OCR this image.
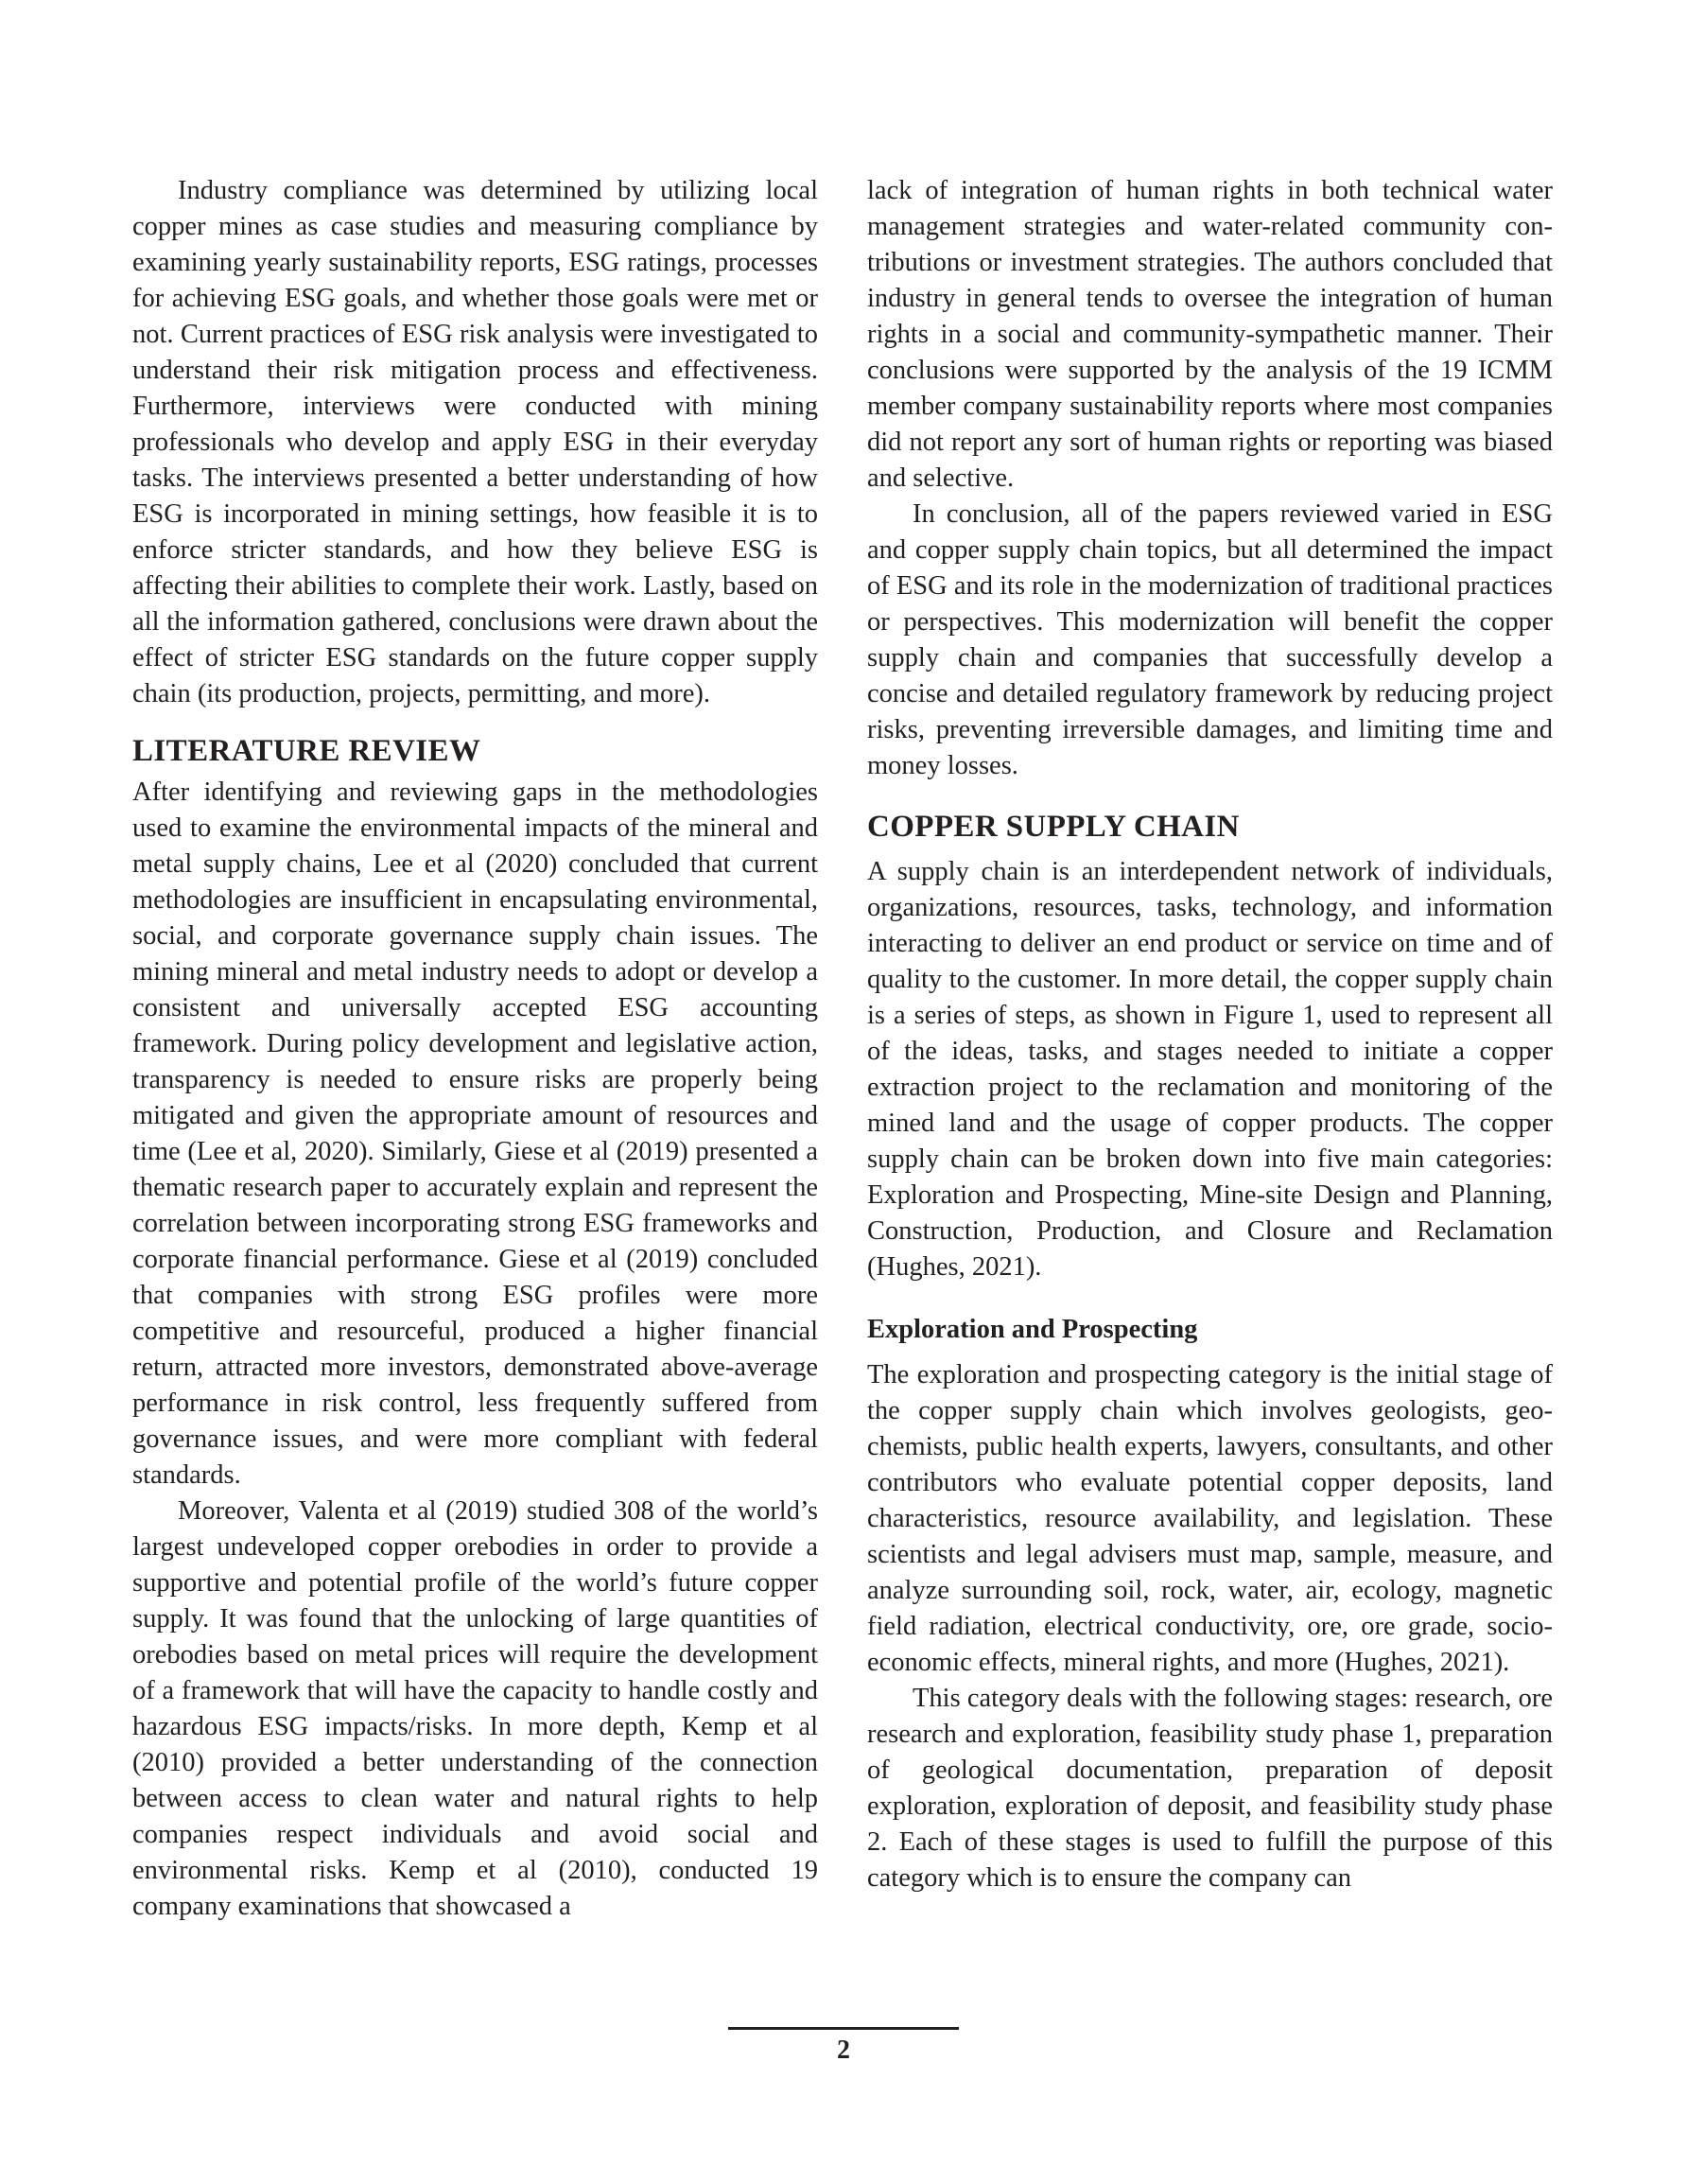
Industry compliance was determined by utilizing local copper mines as case studies and measuring compliance by examining yearly sustainability reports, ESG ratings, processes for achieving ESG goals, and whether those goals were met or not. Current practices of ESG risk analysis were investigated to understand their risk mitigation process and effectiveness. Furthermore, interviews were conducted with mining professionals who develop and apply ESG in their everyday tasks. The interviews presented a better understanding of how ESG is incorporated in mining settings, how feasible it is to enforce stricter standards, and how they believe ESG is affecting their abilities to complete their work. Lastly, based on all the information gathered, conclusions were drawn about the effect of stricter ESG standards on the future copper supply chain (its production, projects, permitting, and more).

LITERATURE REVIEW

After identifying and reviewing gaps in the methodologies used to examine the environmental impacts of the mineral and metal supply chains, Lee et al (2020) concluded that current methodologies are insufficient in encapsulating environmental, social, and corporate governance supply chain issues. The mining mineral and metal industry needs to adopt or develop a consistent and universally accepted ESG accounting framework. During policy development and legislative action, transparency is needed to ensure risks are properly being mitigated and given the appropriate amount of resources and time (Lee et al, 2020). Similarly, Giese et al (2019) presented a thematic research paper to accurately explain and represent the correlation between incorporating strong ESG frameworks and corporate financial performance. Giese et al (2019) concluded that companies with strong ESG profiles were more competitive and resourceful, produced a higher financial return, attracted more investors, demonstrated above-average performance in risk control, less frequently suffered from governance issues, and were more compliant with federal standards.

Moreover, Valenta et al (2019) studied 308 of the world’s largest undeveloped copper orebodies in order to provide a supportive and potential profile of the world’s future copper supply. It was found that the unlocking of large quantities of orebodies based on metal prices will require the development of a framework that will have the capacity to handle costly and hazardous ESG impacts/risks. In more depth, Kemp et al (2010) provided a better understanding of the connection between access to clean water and natural rights to help companies respect individuals and avoid social and environmental risks. Kemp et al (2010), conducted 19 company examinations that showcased a

lack of integration of human rights in both technical water management strategies and water-related community contributions or investment strategies. The authors concluded that industry in general tends to oversee the integration of human rights in a social and community-sympathetic manner. Their conclusions were supported by the analysis of the 19 ICMM member company sustainability reports where most companies did not report any sort of human rights or reporting was biased and selective.

In conclusion, all of the papers reviewed varied in ESG and copper supply chain topics, but all determined the impact of ESG and its role in the modernization of traditional practices or perspectives. This modernization will benefit the copper supply chain and companies that successfully develop a concise and detailed regulatory framework by reducing project risks, preventing irreversible damages, and limiting time and money losses.

COPPER SUPPLY CHAIN

A supply chain is an interdependent network of individuals, organizations, resources, tasks, technology, and information interacting to deliver an end product or service on time and of quality to the customer. In more detail, the copper supply chain is a series of steps, as shown in Figure 1, used to represent all of the ideas, tasks, and stages needed to initiate a copper extraction project to the reclamation and monitoring of the mined land and the usage of copper products. The copper supply chain can be broken down into five main categories: Exploration and Prospecting, Mine-site Design and Planning, Construction, Production, and Closure and Reclamation (Hughes, 2021).

Exploration and Prospecting

The exploration and prospecting category is the initial stage of the copper supply chain which involves geologists, geochemists, public health experts, lawyers, consultants, and other contributors who evaluate potential copper deposits, land characteristics, resource availability, and legislation. These scientists and legal advisers must map, sample, measure, and analyze surrounding soil, rock, water, air, ecology, magnetic field radiation, electrical conductivity, ore, ore grade, socio-economic effects, mineral rights, and more (Hughes, 2021).

This category deals with the following stages: research, ore research and exploration, feasibility study phase 1, preparation of geological documentation, preparation of deposit exploration, exploration of deposit, and feasibility study phase 2. Each of these stages is used to fulfill the purpose of this category which is to ensure the company can

2
